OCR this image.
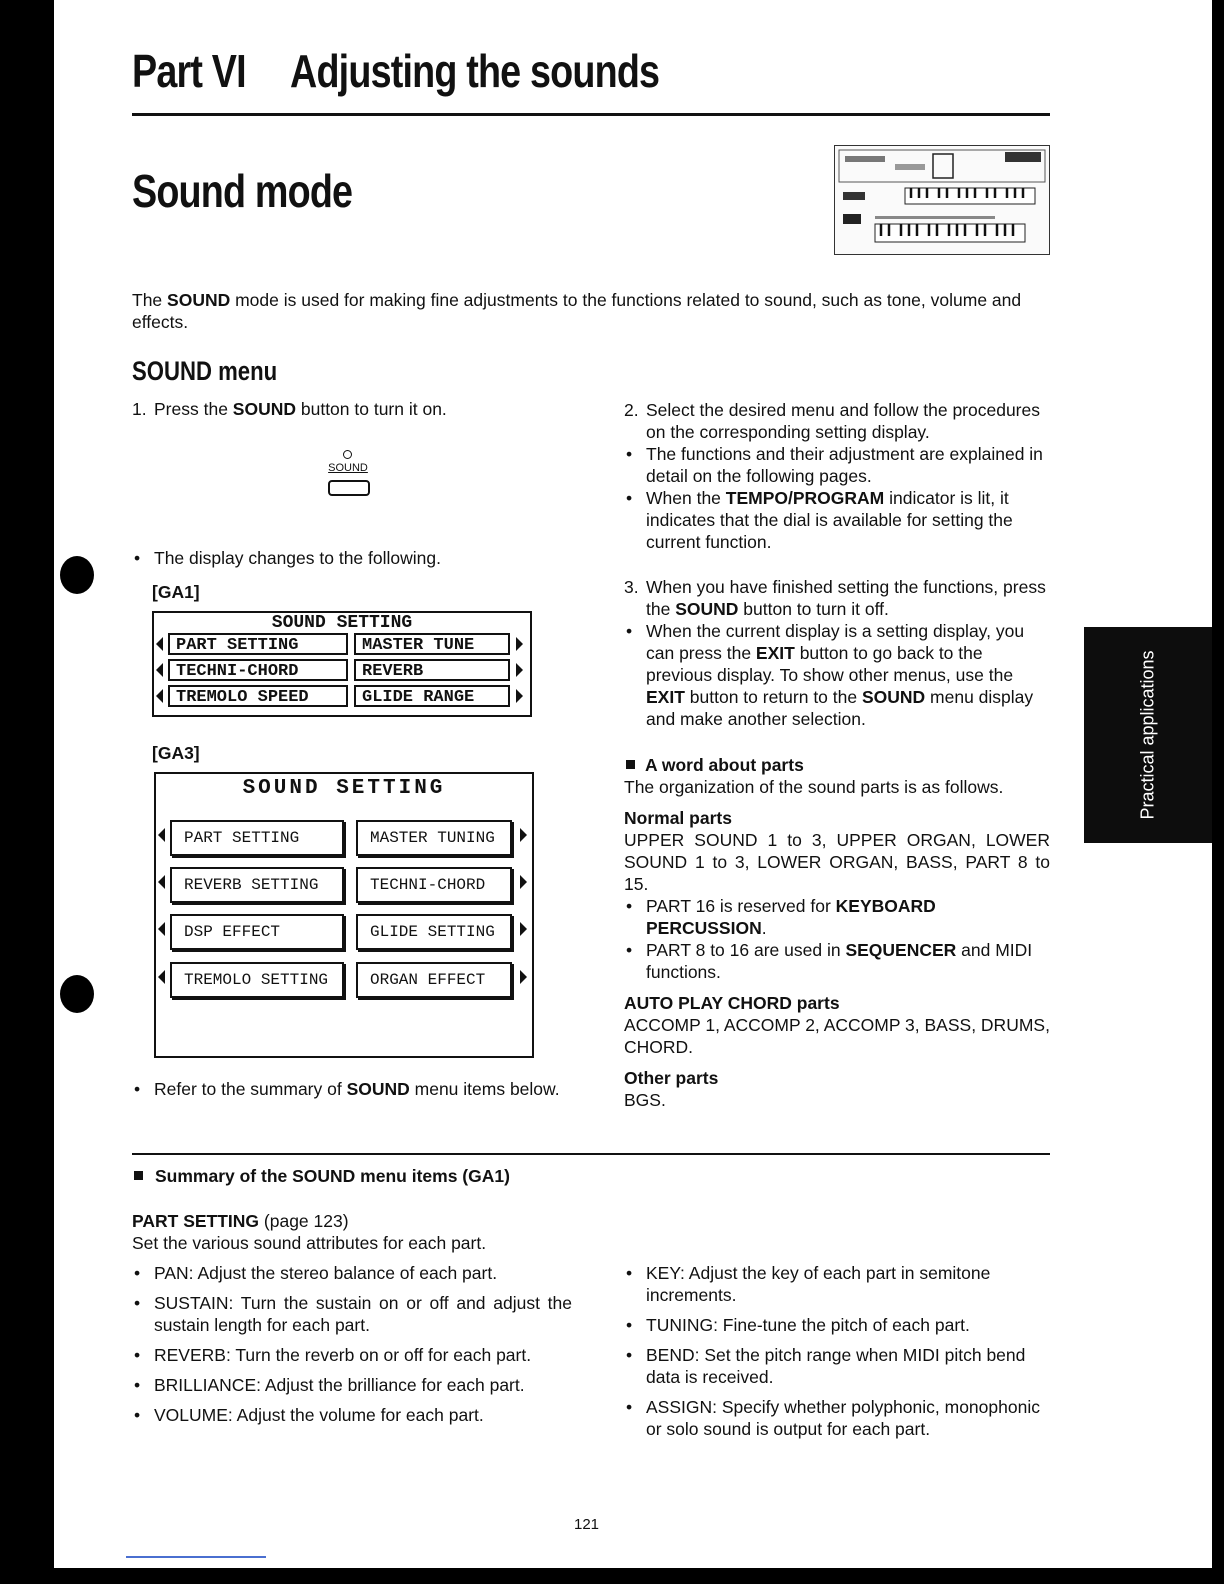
Part VI Adjusting the sounds
Sound mode
The SOUND mode is used for making fine adjustments to the functions related to sound, such as tone, volume and effects.
SOUND menu
1. Press the SOUND button to turn it on.
SOUND
• The display changes to the following.
[GA1]
SOUND SETTING
PART SETTING	MASTER TUNE
TECHNI-CHORD	REVERB
TREMOLO SPEED	GLIDE RANGE
[GA3]
SOUND SETTING
PART SETTING	MASTER TUNING
REVERB SETTING	TECHNI-CHORD
DSP EFFECT	GLIDE SETTING
TREMOLO SETTING	ORGAN EFFECT
• Refer to the summary of SOUND menu items below.
2. Select the desired menu and follow the procedures on the corresponding setting display.
• The functions and their adjustment are explained in detail on the following pages.
• When the TEMPO/PROGRAM indicator is lit, it indicates that the dial is available for setting the current function.
3. When you have finished setting the functions, press the SOUND button to turn it off.
• When the current display is a setting display, you can press the EXIT button to go back to the previous display. To show other menus, use the EXIT button to return to the SOUND menu display and make another selection.
A word about parts
The organization of the sound parts is as follows.
Normal parts
UPPER SOUND 1 to 3, UPPER ORGAN, LOWER SOUND 1 to 3, LOWER ORGAN, BASS, PART 8 to 15.
• PART 16 is reserved for KEYBOARD PERCUSSION.
• PART 8 to 16 are used in SEQUENCER and MIDI functions.
AUTO PLAY CHORD parts
ACCOMP 1, ACCOMP 2, ACCOMP 3, BASS, DRUMS, CHORD.
Other parts
BGS.
Practical applications
Summary of the SOUND menu items (GA1)
PART SETTING (page 123)
Set the various sound attributes for each part.
• PAN: Adjust the stereo balance of each part.
• SUSTAIN: Turn the sustain on or off and adjust the sustain length for each part.
• REVERB: Turn the reverb on or off for each part.
• BRILLIANCE: Adjust the brilliance for each part.
• VOLUME: Adjust the volume for each part.
• KEY: Adjust the key of each part in semitone increments.
• TUNING: Fine-tune the pitch of each part.
• BEND: Set the pitch range when MIDI pitch bend data is received.
• ASSIGN: Specify whether polyphonic, monophonic or solo sound is output for each part.
121
